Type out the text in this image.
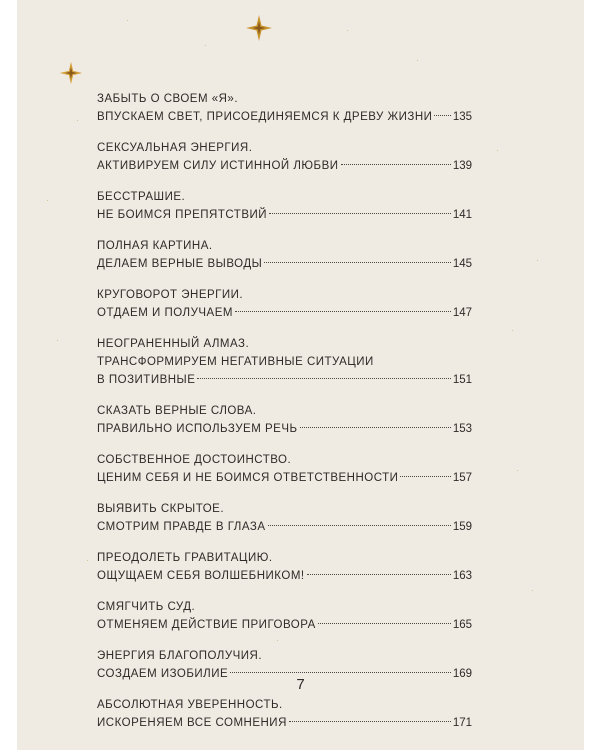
ЗАБЫТЬ О СВОЕМ «Я».
ВПУСКАЕМ СВЕТ, ПРИСОЕДИНЯЕМСЯ К ДРЕВУ ЖИЗНИ 135
СЕКСУАЛЬНАЯ ЭНЕРГИЯ.
АКТИВИРУЕМ СИЛУ ИСТИННОЙ ЛЮБВИ	139
БЕССТРАШИЕ.
НЕ БОИМСЯ ПРЕПЯТСТВИЙ	141
ПОЛНАЯ КАРТИНА.
ДЕЛАЕМ ВЕРНЫЕ ВЫВОДЫ	145
КРУГОВОРОТ ЭНЕРГИИ.
ОТДАЕМ И ПОЛУЧАЕМ	147
НЕОГРАНЕННЫЙ АЛМАЗ.
ТРАНСФОРМИРУЕМ НЕГАТИВНЫЕ СИТУАЦИИ
В ПОЗИТИВНЫЕ	151
СКАЗАТЬ ВЕРНЫЕ СЛОВА.
ПРАВИЛЬНО ИСПОЛЬЗУЕМ РЕЧЬ	153
СОБСТВЕННОЕ ДОСТОИНСТВО.
ЦЕНИМ СЕБЯ И НЕ БОИМСЯ ОТВЕТСТВЕННОСТИ	157
ВЫЯВИТЬ СКРЫТОЕ.
СМОТРИМ ПРАВДЕ В ГЛАЗА	159
ПРЕОДОЛЕТЬ ГРАВИТАЦИЮ.
ОЩУЩАЕМ СЕБЯ ВОЛШЕБНИКОМ!	163
СМЯГЧИТЬ СУД.
ОТМЕНЯЕМ ДЕЙСТВИЕ ПРИГОВОРА	165
ЭНЕРГИЯ БЛАГОПОЛУЧИЯ.
СОЗДАЕМ ИЗОБИЛИЕ	169
АБСОЛЮТНАЯ УВЕРЕННОСТЬ.
ИСКОРЕНЯЕМ ВСЕ СОМНЕНИЯ	171
7
